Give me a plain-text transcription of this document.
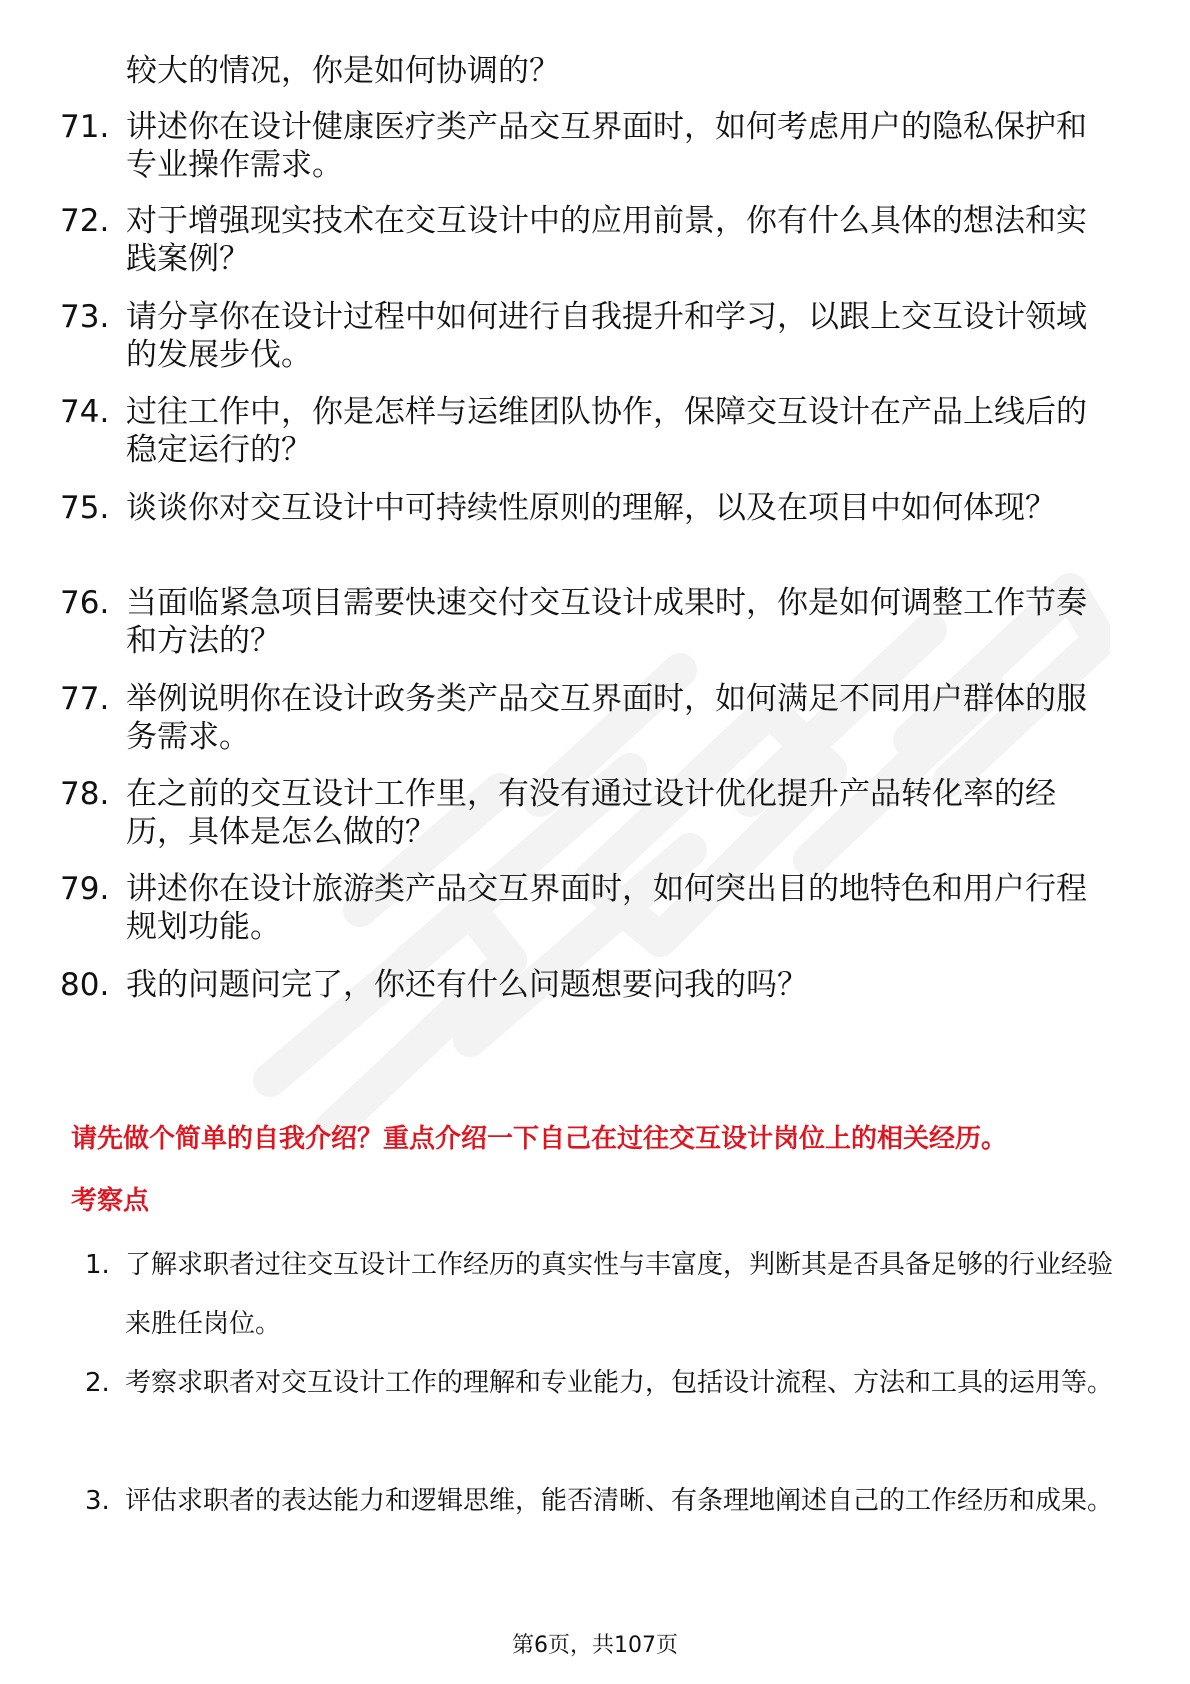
较大的情况，你是如何协调的？
71. 讲述你在设计健康医疗类产品交互界面时，如何考虑用户的隐私保护和专业操作需求。
72. 对于增强现实技术在交互设计中的应用前景，你有什么具体的想法和实践案例？
73. 请分享你在设计过程中如何进行自我提升和学习，以跟上交互设计领域的发展步伐。
74. 过往工作中，你是怎样与运维团队协作，保障交互设计在产品上线后的稳定运行的？
75. 谈谈你对交互设计中可持续性原则的理解，以及在项目中如何体现？
76. 当面临紧急项目需要快速交付交互设计成果时，你是如何调整工作节奏和方法的？
77. 举例说明你在设计政务类产品交互界面时，如何满足不同用户群体的服务需求。
78. 在之前的交互设计工作里，有没有通过设计优化提升产品转化率的经历，具体是怎么做的？
79. 讲述你在设计旅游类产品交互界面时，如何突出目的地特色和用户行程规划功能。
80. 我的问题问完了，你还有什么问题想要问我的吗？
请先做个简单的自我介绍？重点介绍一下自己在过往交互设计岗位上的相关经历。
考察点
1. 了解求职者过往交互设计工作经历的真实性与丰富度，判断其是否具备足够的行业经验来胜任岗位。
2. 考察求职者对交互设计工作的理解和专业能力，包括设计流程、方法和工具的运用等。
3. 评估求职者的表达能力和逻辑思维，能否清晰、有条理地阐述自己的工作经历和成果。
第6页，共107页
